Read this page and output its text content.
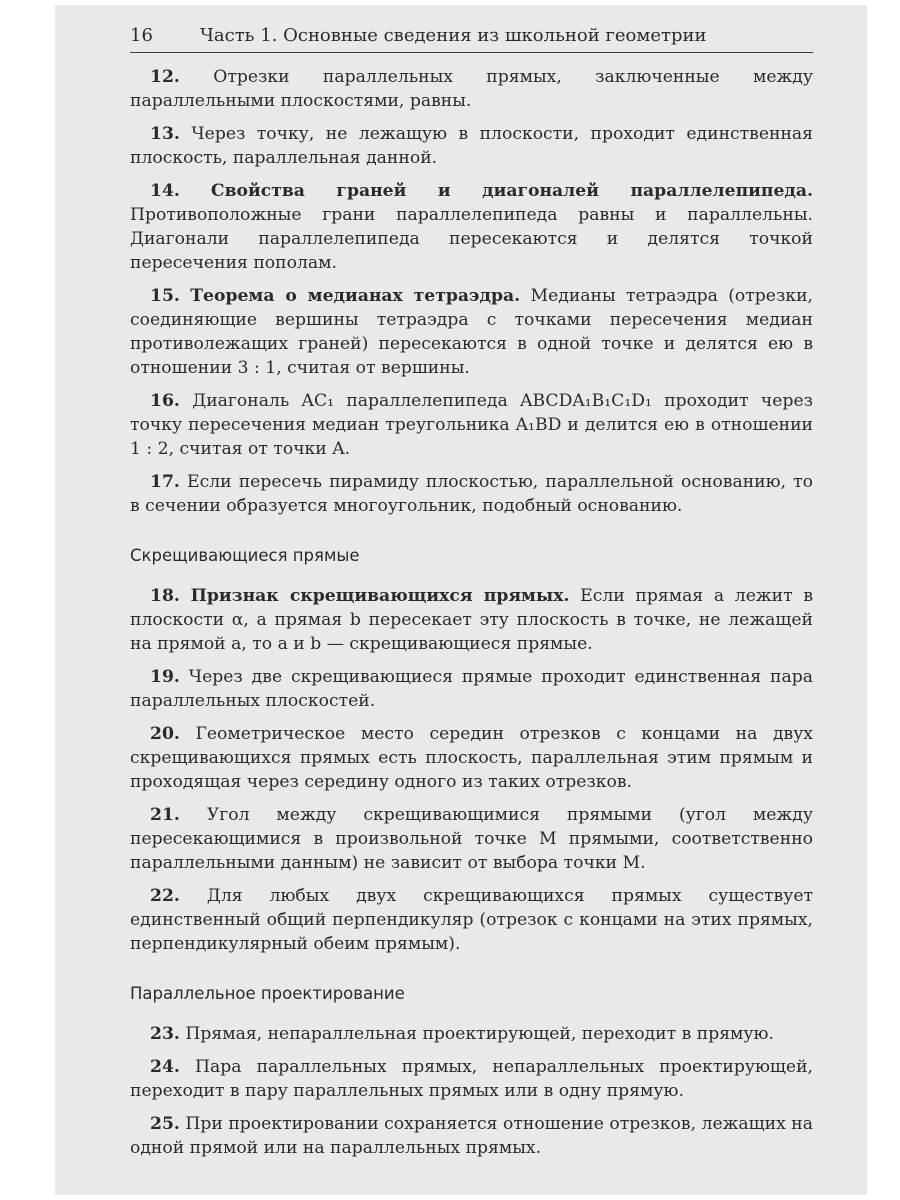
16	Часть 1. Основные сведения из школьной геометрии

12. Отрезки параллельных прямых, заключенные между параллельными плоскостями, равны.

13. Через точку, не лежащую в плоскости, проходит единственная плоскость, параллельная данной.

14. Свойства граней и диагоналей параллелепипеда. Противоположные грани параллелепипеда равны и параллельны. Диагонали параллелепипеда пересекаются и делятся точкой пересечения пополам.

15. Теорема о медианах тетраэдра. Медианы тетраэдра (отрезки, соединяющие вершины тетраэдра с точками пересечения медиан противолежащих граней) пересекаются в одной точке и делятся ею в отношении 3 : 1, считая от вершины.

16. Диагональ AC₁ параллелепипеда ABCDA₁B₁C₁D₁ проходит через точку пересечения медиан треугольника A₁BD и делится ею в отношении 1 : 2, считая от точки A.

17. Если пересечь пирамиду плоскостью, параллельной основанию, то в сечении образуется многоугольник, подобный основанию.

Скрещивающиеся прямые

18. Признак скрещивающихся прямых. Если прямая a лежит в плоскости α, а прямая b пересекает эту плоскость в точке, не лежащей на прямой a, то a и b — скрещивающиеся прямые.

19. Через две скрещивающиеся прямые проходит единственная пара параллельных плоскостей.

20. Геометрическое место середин отрезков с концами на двух скрещивающихся прямых есть плоскость, параллельная этим прямым и проходящая через середину одного из таких отрезков.

21. Угол между скрещивающимися прямыми (угол между пересекающимися в произвольной точке M прямыми, соответственно параллельными данным) не зависит от выбора точки M.

22. Для любых двух скрещивающихся прямых существует единственный общий перпендикуляр (отрезок с концами на этих прямых, перпендикулярный обеим прямым).

Параллельное проектирование

23. Прямая, непараллельная проектирующей, переходит в прямую.

24. Пара параллельных прямых, непараллельных проектирующей, переходит в пару параллельных прямых или в одну прямую.

25. При проектировании сохраняется отношение отрезков, лежащих на одной прямой или на параллельных прямых.
